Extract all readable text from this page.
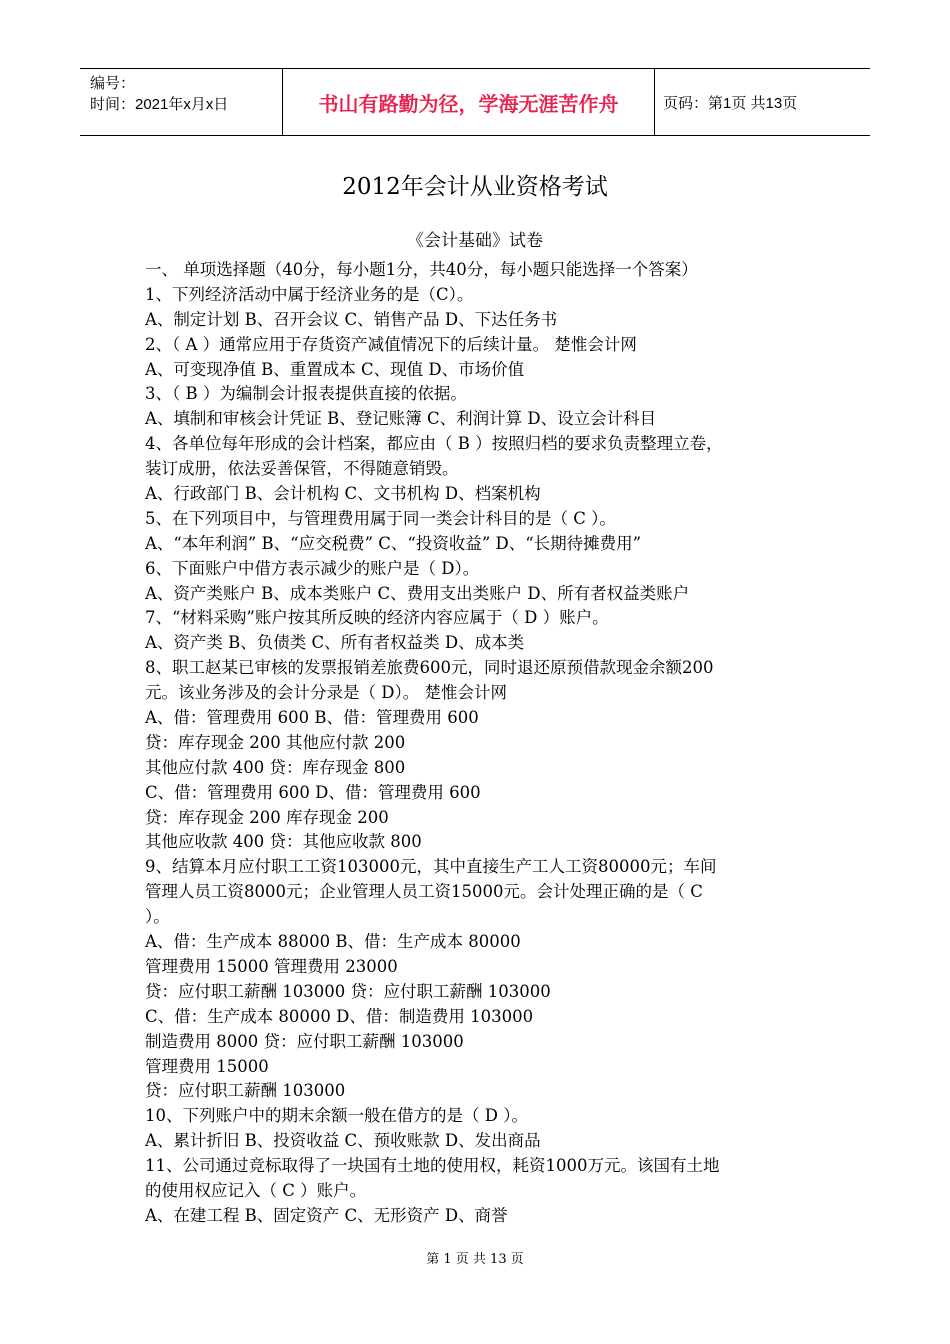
编号：
时间：2021年x月x日	书山有路勤为径，学海无涯苦作舟	页码：第1页 共13页
2012年会计从业资格考试
《会计基础》试卷
一、 单项选择题（40分，每小题1分，共40分，每小题只能选择一个答案）
1、下列经济活动中属于经济业务的是（C）。
A、制定计划 B、召开会议 C、销售产品 D、下达任务书
2、（ A ）通常应用于存货资产减值情况下的后续计量。 楚惟会计网
A、可变现净值 B、重置成本 C、现值 D、市场价值
3、（ B ）为编制会计报表提供直接的依据。
A、填制和审核会计凭证 B、登记账簿 C、利润计算 D、设立会计科目
4、各单位每年形成的会计档案，都应由（ B ）按照归档的要求负责整理立卷，
装订成册，依法妥善保管，不得随意销毁。
A、行政部门 B、会计机构 C、文书机构 D、档案机构
5、在下列项目中，与管理费用属于同一类会计科目的是（ C ）。
A、“本年利润” B、“应交税费” C、“投资收益” D、“长期待摊费用”
6、下面账户中借方表示减少的账户是（ D）。
A、资产类账户 B、成本类账户 C、费用支出类账户 D、所有者权益类账户
7、“材料采购”账户按其所反映的经济内容应属于（ D ）账户。
A、资产类 B、负债类 C、所有者权益类 D、成本类
8、职工赵某已审核的发票报销差旅费600元，同时退还原预借款现金余额200
元。该业务涉及的会计分录是（ D）。 楚惟会计网
A、借：管理费用 600 B、借：管理费用 600
贷：库存现金 200 其他应付款 200
其他应付款 400 贷：库存现金 800
C、借：管理费用 600 D、借：管理费用 600
贷：库存现金 200 库存现金 200
其他应收款 400 贷：其他应收款 800
9、结算本月应付职工工资103000元，其中直接生产工人工资80000元；车间
管理人员工资8000元；企业管理人员工资15000元。会计处理正确的是（ C
）。
A、借：生产成本 88000 B、借：生产成本 80000
管理费用 15000 管理费用 23000
贷：应付职工薪酬 103000 贷：应付职工薪酬 103000
C、借：生产成本 80000 D、借：制造费用 103000
制造费用 8000 贷：应付职工薪酬 103000
管理费用 15000
贷：应付职工薪酬 103000
10、下列账户中的期末余额一般在借方的是（ D ）。
A、累计折旧 B、投资收益 C、预收账款 D、发出商品
11、公司通过竞标取得了一块国有土地的使用权，耗资1000万元。该国有土地
的使用权应记入（ C ）账户。
A、在建工程 B、固定资产 C、无形资产 D、商誉
第 1 页 共 13 页
